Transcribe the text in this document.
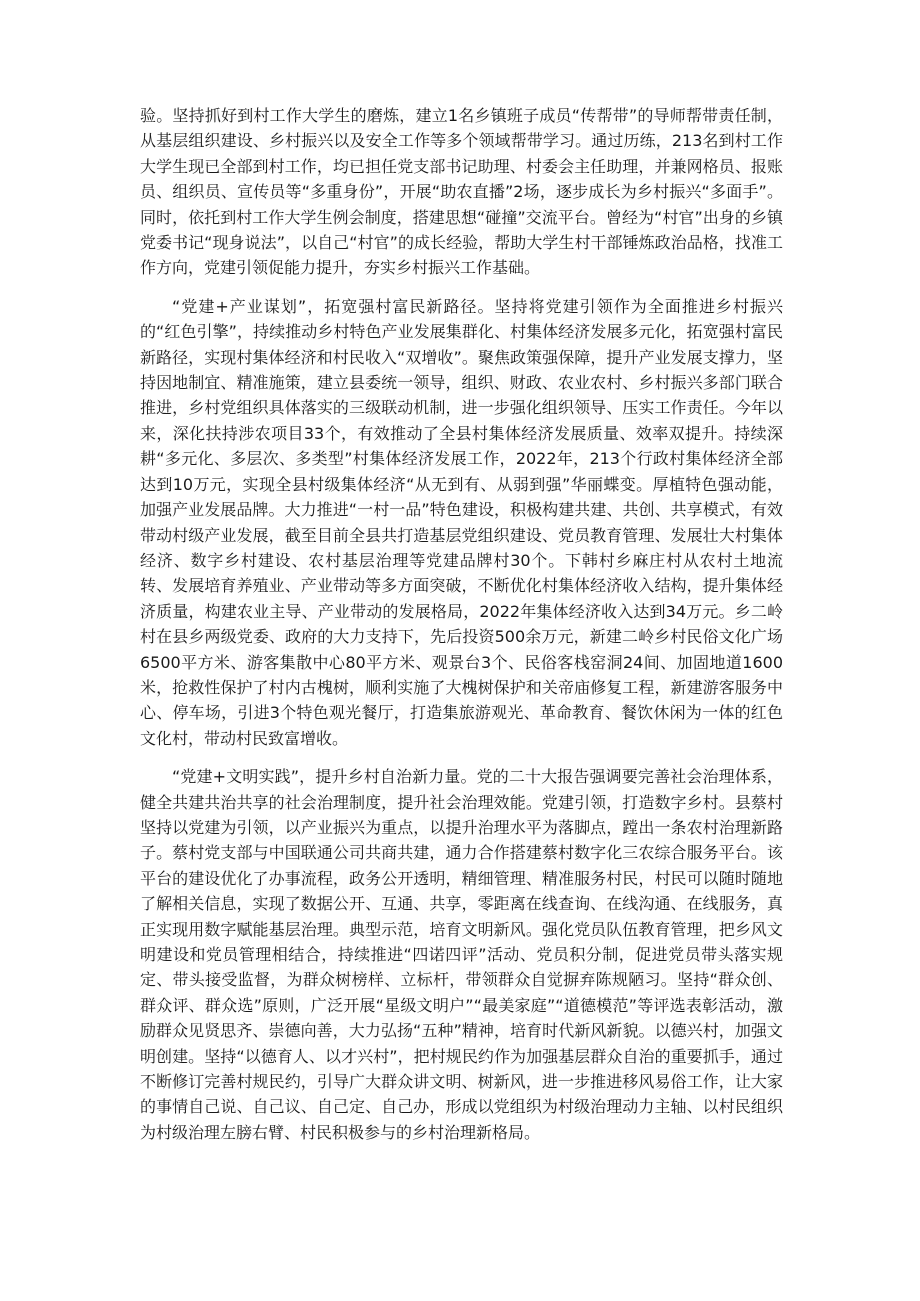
验。坚持抓好到村工作大学生的磨炼，建立1名乡镇班子成员“传帮带”的导师帮带责任制，从基层组织建设、乡村振兴以及安全工作等多个领域帮带学习。通过历练，213名到村工作大学生现已全部到村工作，均已担任党支部书记助理、村委会主任助理，并兼网格员、报账员、组织员、宣传员等“多重身份”，开展“助农直播”2场，逐步成长为乡村振兴“多面手”。同时，依托到村工作大学生例会制度，搭建思想“碰撞”交流平台。曾经为“村官”出身的乡镇党委书记“现身说法”，以自己“村官”的成长经验，帮助大学生村干部锤炼政治品格，找准工作方向，党建引领促能力提升，夯实乡村振兴工作基础。

“党建+产业谋划”，拓宽强村富民新路径。坚持将党建引领作为全面推进乡村振兴的“红色引擎”，持续推动乡村特色产业发展集群化、村集体经济发展多元化，拓宽强村富民新路径，实现村集体经济和村民收入“双增收”。聚焦政策强保障，提升产业发展支撑力，坚持因地制宜、精准施策，建立县委统一领导，组织、财政、农业农村、乡村振兴多部门联合推进，乡村党组织具体落实的三级联动机制，进一步强化组织领导、压实工作责任。今年以来，深化扶持涉农项目33个，有效推动了全县村集体经济发展质量、效率双提升。持续深耕“多元化、多层次、多类型”村集体经济发展工作，2022年，213个行政村集体经济全部达到10万元，实现全县村级集体经济“从无到有、从弱到强”华丽蝶变。厚植特色强动能，加强产业发展品牌。大力推进“一村一品”特色建设，积极构建共建、共创、共享模式，有效带动村级产业发展，截至目前全县共打造基层党组织建设、党员教育管理、发展壮大村集体经济、数字乡村建设、农村基层治理等党建品牌村30个。下韩村乡麻庄村从农村土地流转、发展培育养殖业、产业带动等多方面突破，不断优化村集体经济收入结构，提升集体经济质量，构建农业主导、产业带动的发展格局，2022年集体经济收入达到34万元。乡二岭村在县乡两级党委、政府的大力支持下，先后投资500余万元，新建二岭乡村民俗文化广场6500平方米、游客集散中心80平方米、观景台3个、民俗客栈窑洞24间、加固地道1600米，抢救性保护了村内古槐树，顺利实施了大槐树保护和关帝庙修复工程，新建游客服务中心、停车场，引进3个特色观光餐厅，打造集旅游观光、革命教育、餐饮休闲为一体的红色文化村，带动村民致富增收。

“党建+文明实践”，提升乡村自治新力量。党的二十大报告强调要完善社会治理体系，健全共建共治共享的社会治理制度，提升社会治理效能。党建引领，打造数字乡村。县蔡村坚持以党建为引领，以产业振兴为重点，以提升治理水平为落脚点，蹚出一条农村治理新路子。蔡村党支部与中国联通公司共商共建，通力合作搭建蔡村数字化三农综合服务平台。该平台的建设优化了办事流程，政务公开透明，精细管理、精准服务村民，村民可以随时随地了解相关信息，实现了数据公开、互通、共享，零距离在线查询、在线沟通、在线服务，真正实现用数字赋能基层治理。典型示范，培育文明新风。强化党员队伍教育管理，把乡风文明建设和党员管理相结合，持续推进“四诺四评”活动、党员积分制，促进党员带头落实规定、带头接受监督，为群众树榜样、立标杆，带领群众自觉摒弃陈规陋习。坚持“群众创、群众评、群众选”原则，广泛开展“星级文明户”“最美家庭”“道德模范”等评选表彰活动，激励群众见贤思齐、崇德向善，大力弘扬“五种”精神，培育时代新风新貌。以德兴村，加强文明创建。坚持“以德育人、以才兴村”，把村规民约作为加强基层群众自治的重要抓手，通过不断修订完善村规民约，引导广大群众讲文明、树新风，进一步推进移风易俗工作，让大家的事情自己说、自己议、自己定、自己办，形成以党组织为村级治理动力主轴、以村民组织为村级治理左膀右臂、村民积极参与的乡村治理新格局。
